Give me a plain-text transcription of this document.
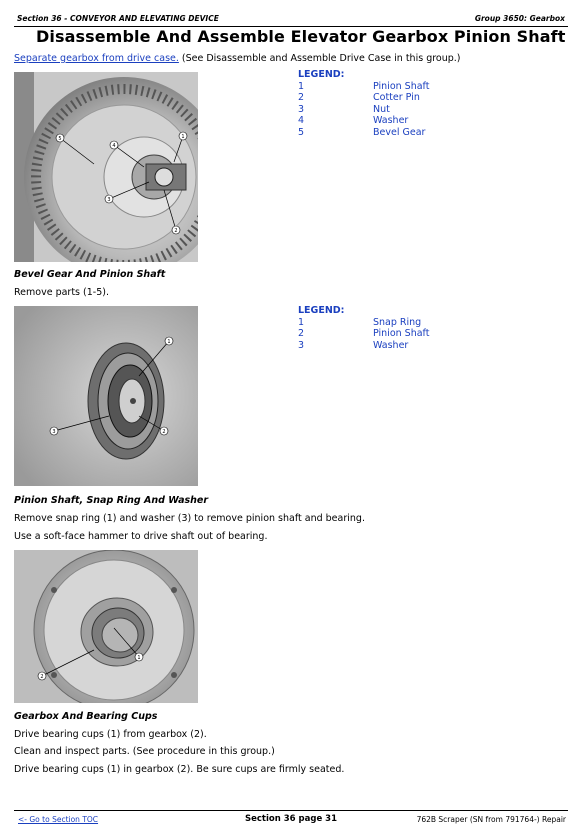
Section 36 - CONVEYOR AND ELEVATING DEVICE	Group 3650: Gearbox
Disassemble And Assemble Elevator Gearbox Pinion Shaft
Separate gearbox from drive case. (See Disassemble and Assemble Drive Case in this group.)
5	1
4
3
2
LEGEND:
1	Pinion Shaft
2	Cotter Pin
3	Nut
4	Washer
5	Bevel Gear
Bevel Gear And Pinion Shaft
Remove parts (1-5).
1
3	2
LEGEND:
1	Snap Ring
2	Pinion Shaft
3	Washer
Pinion Shaft, Snap Ring And Washer
Remove snap ring (1) and washer (3) to remove pinion shaft and bearing.
Use a soft-face hammer to drive shaft out of bearing.
2
1
Gearbox And Bearing Cups
Drive bearing cups (1) from gearbox (2).
Clean and inspect parts. (See procedure in this group.)
Drive bearing cups (1) in gearbox (2). Be sure cups are firmly seated.
<- Go to Section TOC	Section 36 page 31	762B Scraper (SN from 791764-) Repair
